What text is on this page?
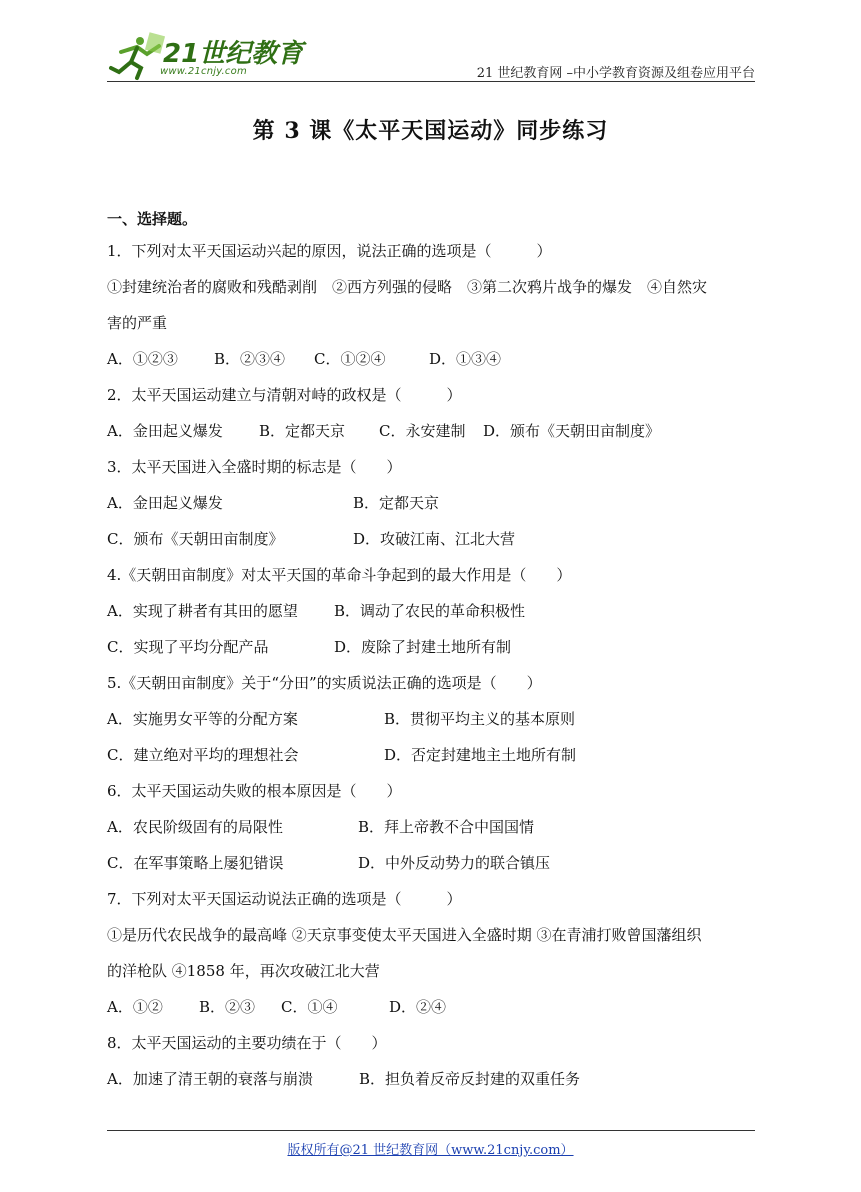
21世纪教育
www.21cnjy.com	21 世纪教育网 –中小学教育资源及组卷应用平台
第 3 课《太平天国运动》同步练习
一、选择题。
1．下列对太平天国运动兴起的原因，说法正确的选项是（　　　）
①封建统治者的腐败和残酷剥削　②西方列强的侵略　③第二次鸦片战争的爆发　④自然灾
害的严重
A．①②③ B．②③④ C．①②④	D．①③④
2．太平天国运动建立与清朝对峙的政权是（　　　）
A．金田起义爆发 B．定都天京 C．永安建制 D．颁布《天朝田亩制度》
3．太平天国进入全盛时期的标志是（　　）
A．金田起义爆发	B．定都天京
C．颁布《天朝田亩制度》	D．攻破江南、江北大营
4.《天朝田亩制度》对太平天国的革命斗争起到的最大作用是（　　）
A．实现了耕者有其田的愿望 B．调动了农民的革命积极性
C．实现了平均分配产品	D．废除了封建土地所有制
5.《天朝田亩制度》关于“分田”的实质说法正确的选项是（　　）
A．实施男女平等的分配方案	B．贯彻平均主义的基本原则
C．建立绝对平均的理想社会	D．否定封建地主土地所有制
6．太平天国运动失败的根本原因是（　　）
A．农民阶级固有的局限性	B．拜上帝教不合中国国情
C．在军事策略上屡犯错误	D．中外反动势力的联合镇压
7．下列对太平天国运动说法正确的选项是（　　　）
①是历代农民战争的最高峰 ②天京事变使太平天国进入全盛时期 ③在青浦打败曾国藩组织
的洋枪队 ④1858 年，再次攻破江北大营
A．①② B．②③ C．①④	D．②④
8．太平天国运动的主要功绩在于（　　）
A．加速了清王朝的衰落与崩溃	B．担负着反帝反封建的双重任务
版权所有@21 世纪教育网（www.21cnjy.com）
